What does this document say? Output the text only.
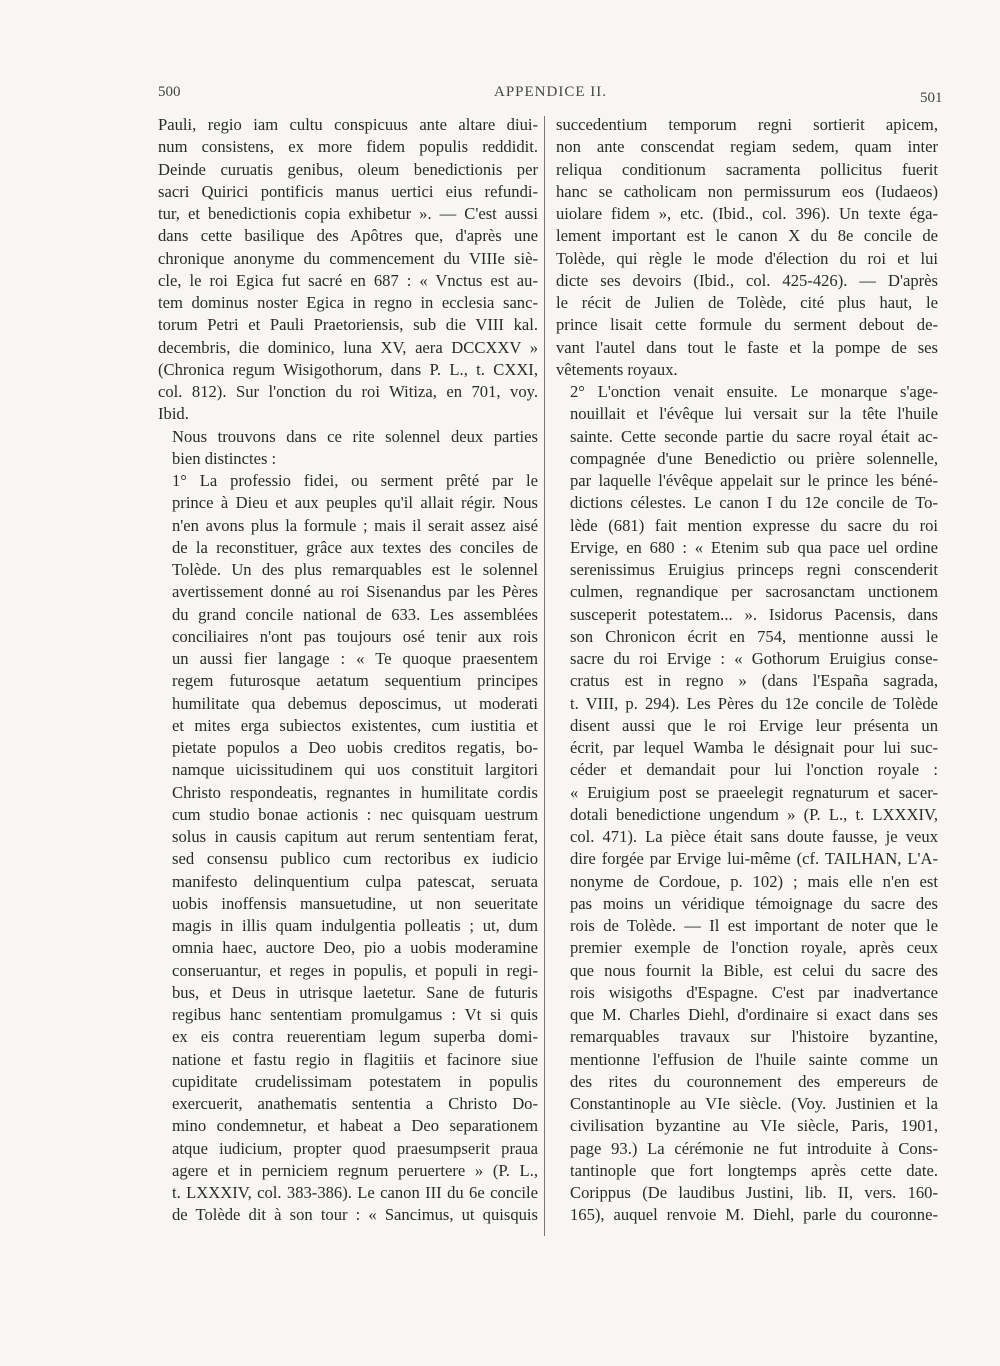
500	APPENDICE II.	501

Pauli, regio iam cultu conspicuus ante altare diui-
num consistens, ex more fidem populis reddidit.
Deinde curuatis genibus, oleum benedictionis per
sacri Quirici pontificis manus uertici eius refundi-
tur, et benedictionis copia exhibetur ». — C'est aussi
dans cette basilique des Apôtres que, d'après une
chronique anonyme du commencement du VIIIe siè-
cle, le roi Egica fut sacré en 687 : « Vnctus est au-
tem dominus noster Egica in regno in ecclesia sanc-
torum Petri et Pauli Praetoriensis, sub die VIII kal.
decembris, die dominico, luna XV, aera DCCXXV »
(Chronica regum Wisigothorum, dans P. L., t. CXXI,
col. 812). Sur l'onction du roi Witiza, en 701, voy.
Ibid.

Nous trouvons dans ce rite solennel deux parties
bien distinctes :

1° La professio fidei, ou serment prêté par le
prince à Dieu et aux peuples qu'il allait régir. Nous
n'en avons plus la formule ; mais il serait assez aisé
de la reconstituer, grâce aux textes des conciles de
Tolède. Un des plus remarquables est le solennel
avertissement donné au roi Sisenandus par les Pères
du grand concile national de 633. Les assemblées
conciliaires n'ont pas toujours osé tenir aux rois
un aussi fier langage : « Te quoque praesentem
regem futurosque aetatum sequentium principes
humilitate qua debemus deposcimus, ut moderati
et mites erga subiectos existentes, cum iustitia et
pietate populos a Deo uobis creditos regatis, bo-
namque uicissitudinem qui uos constituit largitori
Christo respondeatis, regnantes in humilitate cordis
cum studio bonae actionis : nec quisquam uestrum
solus in causis capitum aut rerum sententiam ferat,
sed consensu publico cum rectoribus ex iudicio
manifesto delinquentium culpa patescat, seruata
uobis inoffensis mansuetudine, ut non seueritate
magis in illis quam indulgentia polleatis ; ut, dum
omnia haec, auctore Deo, pio a uobis moderamine
conseruantur, et reges in populis, et populi in regi-
bus, et Deus in utrisque laetetur. Sane de futuris
regibus hanc sententiam promulgamus : Vt si quis
ex eis contra reuerentiam legum superba domi-
natione et fastu regio in flagitiis et facinore siue
cupiditate crudelissimam potestatem in populis
exercuerit, anathematis sententia a Christo Do-
mino condemnetur, et habeat a Deo separationem
atque iudicium, propter quod praesumpserit praua
agere et in perniciem regnum peruertere » (P. L.,
t. LXXXIV, col. 383-386). Le canon III du 6e concile
de Tolède dit à son tour : « Sancimus, ut quisquis

succedentium temporum regni sortierit apicem,
non ante conscendat regiam sedem, quam inter
reliqua conditionum sacramenta pollicitus fuerit
hanc se catholicam non permissurum eos (Iudaeos)
uiolare fidem », etc. (Ibid., col. 396). Un texte éga-
lement important est le canon X du 8e concile de
Tolède, qui règle le mode d'élection du roi et lui
dicte ses devoirs (Ibid., col. 425-426). — D'après
le récit de Julien de Tolède, cité plus haut, le
prince lisait cette formule du serment debout de-
vant l'autel dans tout le faste et la pompe de ses
vêtements royaux.

2° L'onction venait ensuite. Le monarque s'age-
nouillait et l'évêque lui versait sur la tête l'huile
sainte. Cette seconde partie du sacre royal était ac-
compagnée d'une Benedictio ou prière solennelle,
par laquelle l'évêque appelait sur le prince les béné-
dictions célestes. Le canon I du 12e concile de To-
lède (681) fait mention expresse du sacre du roi
Ervige, en 680 : « Etenim sub qua pace uel ordine
serenissimus Eruigius princeps regni conscenderit
culmen, regnandique per sacrosanctam unctionem
susceperit potestatem... ». Isidorus Pacensis, dans
son Chronicon écrit en 754, mentionne aussi le
sacre du roi Ervige : « Gothorum Eruigius conse-
cratus est in regno » (dans l'España sagrada,
t. VIII, p. 294). Les Pères du 12e concile de Tolède
disent aussi que le roi Ervige leur présenta un
écrit, par lequel Wamba le désignait pour lui suc-
céder et demandait pour lui l'onction royale :
« Eruigium post se praeelegit regnaturum et sacer-
dotali benedictione ungendum » (P. L., t. LXXXIV,
col. 471). La pièce était sans doute fausse, je veux
dire forgée par Ervige lui-même (cf. TAILHAN, L'A-
nonyme de Cordoue, p. 102) ; mais elle n'en est
pas moins un véridique témoignage du sacre des
rois de Tolède. — Il est important de noter que le
premier exemple de l'onction royale, après ceux
que nous fournit la Bible, est celui du sacre des
rois wisigoths d'Espagne. C'est par inadvertance
que M. Charles Diehl, d'ordinaire si exact dans ses
remarquables travaux sur l'histoire byzantine,
mentionne l'effusion de l'huile sainte comme un
des rites du couronnement des empereurs de
Constantinople au VIe siècle. (Voy. Justinien et la
civilisation byzantine au VIe siècle, Paris, 1901,
page 93.) La cérémonie ne fut introduite à Cons-
tantinople que fort longtemps après cette date.
Corippus (De laudibus Justini, lib. II, vers. 160-
165), auquel renvoie M. Diehl, parle du couronne-
